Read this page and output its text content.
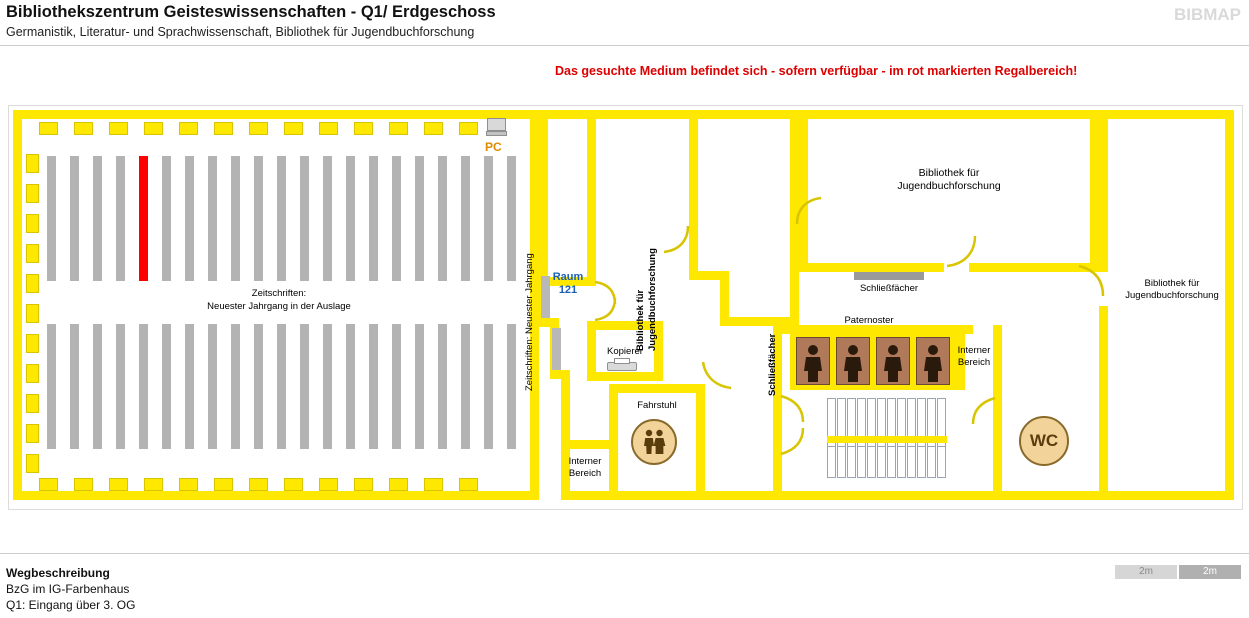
Bibliothekszentrum Geisteswissenschaften - Q1/ Erdgeschoss
Germanistik, Literatur- und Sprachwissenschaft, Bibliothek für Jugendbuchforschung
BIBMAP
Das gesuchte Medium befindet sich - sofern verfügbar - im rot markierten Regalbereich!
Zeitschriften:
Neuester Jahrgang in der Auslage
PC
Zeitschriften: Neuester Jahrgang	Raum
121
Kopierer
Fahrstuhl
Interner
Bereich
Bibliothek für
Jugendbuchforschung
Bibliothek für
Jugendbuchforschung
Schließfächer	Bibliothek für
Jugendbuchforschung
Schließfächer
Paternoster
Interner
Bereich
WC
Wegbeschreibung
BzG im IG-Farbenhaus
Q1: Eingang über 3. OG
2m	2m
